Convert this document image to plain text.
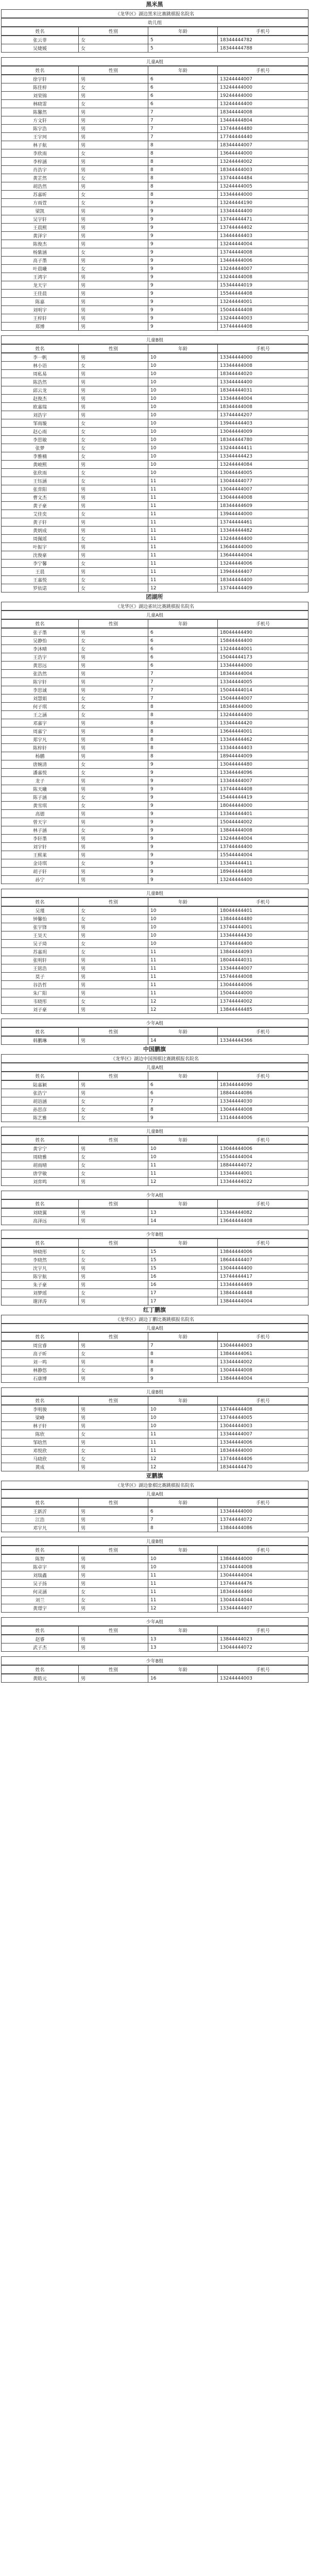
黑米黑
《龙华区》湖边黑米比赛跳棋报名院名
幼儿组
姓名	性别	年龄	手机号
张云菲	女	5	18344444782
吴婕媛	女	5	18344444788
儿童A组
姓名	性别	年龄	手机号
徐宇轩	男	6	13244444007
陈佳梓	女	6	13244444000
刘荣锦	男	6	19244444000
林晓霏	女	6	13244444400
陈馨然	男	7	18344444008
方文轩	男	7	13444444804
陈宇浩	男	7	13744444480
王宇珂	男	7	17744444440
林子航	男	8	18344444007
李欣雨	女	8	13644444000
李梓涵	男	8	13244444002
肖浩宇	男	8	18344444003
黄芷然	女	8	13744444484
胡浩然	男	8	13244444005
苏嘉昕	女	8	13344444000
方雨萱	女	9	13244444190
梁凯	男	9	13344444400
吴宇轩	男	9	13744444471
王晨熙	男	9	13744444402
黄泽宇	男	9	13444444403
陈俊杰	男	9	13244444004
杨紫涵	女	9	13744444008
高子墨	男	9	13444444006
叶晨曦	女	9	13244444007
王鸿宇	男	9	13244444008
龙天宇	男	9	15344444019
王佳晨	男	9	15544444408
陈嘉	男	9	13244444001
刘明宇	男	9	15044444408
王梓轩	男	9	13244444003
郑博	男	9	13744444408
儿童B组
姓名	性别	年龄	手机号
李一帆	男	10	13344444000
林小语	女	10	13344444008
周私易	男	10	18344444020
陈浩然	男	10	13344444400
邱云龙	男	10	18344444031
赵俊杰	男	10	13344444004
欧嘉瑞	男	10	18344444008
刘浩宇	男	10	13744444207
邹雨璇	女	10	13944444403
赵心雨	女	10	13044444009
李思敏	女	10	18344444780
张梦	女	10	13244444411
李雅楠	女	10	13344444423
黄峻熙	男	10	13244444084
张欣雨	女	10	13044444005
王钰涵	女	11	13044444077
张弈阳	男	11	13044444007
曹文杰	男	11	13044444008
黄子豪	男	11	18344444609
艾佳奕	女	11	13944444000
黄子轩	男	11	13744444461
黄炳成	男	11	13344444482
周佩瑶	女	11	13244444400
叶振宇	男	11	13644444000
沈俊豪	男	11	13644444004
李宁馨	女	11	13244444006
王晨	男	11	13944444407
王嘉悦	女	11	18344444400
罗依诺	女	12	13744444409
团湖所
《龙华区》湖边雀坑比赛跳棋报名院名
儿童A组
姓名	性别	年龄	手机号
张子墨	男	6	18044444490
吴静怡	女	6	15844444400
李沐晴	女	6	13244444001
王浩宇	男	6	15044444173
黄思远	男	6	13344444000
张浩然	男	7	18344444004
陈宇轩	男	7	13344444005
李思诚	男	7	15044444014
刘慧娟	女	7	15044444007
何子琪	女	8	18344444000
王之涵	女	8	13244444400
邓嘉宇	男	8	13344444420
周嘉宁	男	8	13644444001
郑宇凡	男	8	13344444462
陈梓轩	男	8	13344444403
杨鹏	男	8	18944444009
唐婉清	女	9	13044444480
潘嘉悦	女	9	13344444096
龙子	男	9	13344444007
陈天曦	男	9	13744444408
陈子涵	女	9	15444444419
黄雪琪	女	9	18044444000
高德	男	9	13344444401
曾天宇	男	9	15044444002
林子涵	女	9	13844444008
李轩墨	男	9	13244444004
刘宇轩	男	9	13744444400
王熙莱	男	9	15544444004
金诗琪	女	9	13344444411
胡子轩	男	9	18944444408
孙宁	男	9	13244444400
儿童B组
姓名	性别	年龄	手机号
吴瑾	女	10	18044444401
钟馨怡	女	10	13844444480
张宇锋	男	10	13744444001
王昊天	男	10	13344444430
吴子琦	女	10	13744444400
苏嘉玥	女	11	13844444093
张明轩	男	11	18044444031
王铭浩	男	11	13344444007
莫子	男	11	15744444008
谷浩哲	男	11	13044444006
朱广阳	男	11	15044444000
韦晓彤	女	12	13744444002
刘子豪	男	12	13844444485
少年A组
姓名	性别	年龄	手机号
韩鹏琳	男	14	13344444366
中国鹏旗
《龙华区》湖边中国围棋比赛跳棋报名院名
儿童A组
姓名	性别	年龄	手机号
陆嘉颖	男	6	18344444090
张浩宁	男	6	18844444086
胡语涵	女	7	13344444030
孙思彦	女	8	13044444008
陈艺雅	女	9	13144444006
儿童B组
姓名	性别	年龄	手机号
黄宇宁	男	10	13044444006
周晓雅	女	10	15544444004
胡雨晴	女	11	18844444072
唐学敏	女	11	13344444001
刘弈鸣	男	12	13344444022
少年A组
姓名	性别	年龄	手机号
刘晓翼	男	13	13344444082
高泽远	男	14	13644444408
少年B组
姓名	性别	年龄	手机号
钟晓彤	女	15	13844444006
李晓然	女	15	18644444407
沈宇凡	男	15	13044444400
陈宇航	男	16	13744444417
朱子豪	男	16	13344444469
刘梦瑶	女	17	13844444448
谢泽涛	男	17	13844444004
红丁鹏旗
《龙华区》湖边丁鹏比赛跳棋报名院名
儿童A组
姓名	性别	年龄	手机号
周宜睿	男	7	13044444003
高子昕	女	8	13844444061
刘一鸣	男	8	13344444002
林静悠	女	8	13044444008
石康博	男	9	13844444004
儿童B组
姓名	性别	年龄	手机号
李明骏	男	10	13744444408
梁峰	男	10	13744444005
林子轩	男	10	13044444003
陈欣	女	11	13344444007
邹晗然	男	11	13344444006
邓悦欣	女	11	18344444000
马晓欣	女	12	13744444406
黄成	男	12	18344444470
亚鹏旗
《龙华区》湖边象棋比赛跳棋报名院名
儿童A组
姓名	性别	年龄	手机号
王新沂	男	6	13344444000
江浩	男	7	13744444072
邓宇凡	男	8	13844444086
儿童B组
姓名	性别	年龄	手机号
陈智	男	10	13844444000
陈卓宇	男	10	13744444008
刘瑞鑫	男	11	13044444004
吴子扬	男	11	13744444476
何灵涵	女	11	18344444460
刘兰	女	11	13044444044
黄璟宇	男	12	13344444407
少年A组
姓名	性别	年龄	手机号
赵睿	男	13	13844444023
武子杰	男	13	13044444072
少年B组
姓名	性别	年龄	手机号
黄皓元	男	16	13244444003
